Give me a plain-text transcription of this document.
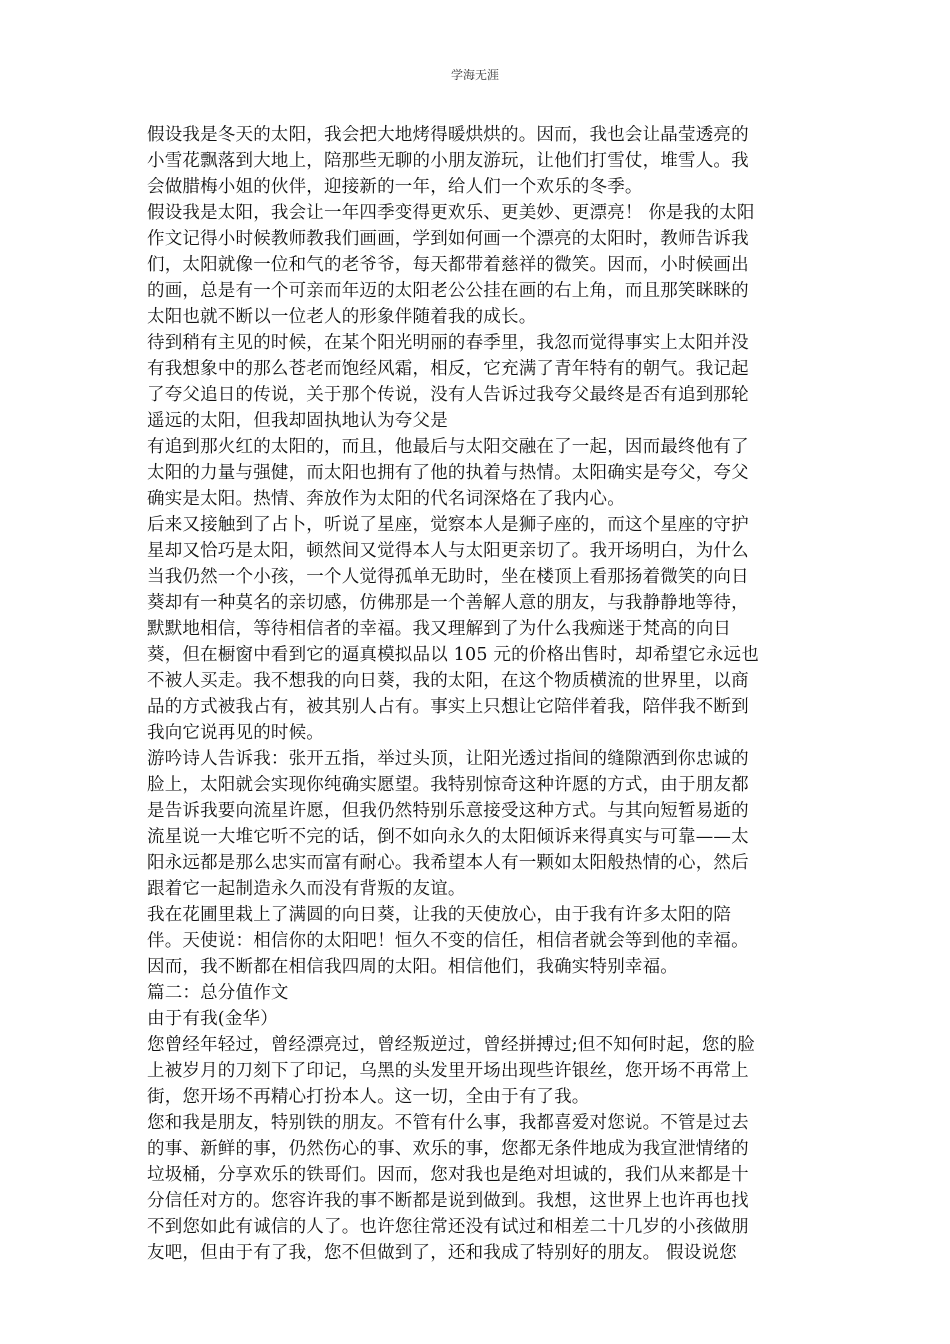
学海无涯
假设我是冬天的太阳，我会把大地烤得暖烘烘的。因而，我也会让晶莹透亮的
小雪花飘落到大地上，陪那些无聊的小朋友游玩，让他们打雪仗，堆雪人。我
会做腊梅小姐的伙伴，迎接新的一年，给人们一个欢乐的冬季。
假设我是太阳，我会让一年四季变得更欢乐、更美妙、更漂亮！ 你是我的太阳
作文记得小时候教师教我们画画，学到如何画一个漂亮的太阳时，教师告诉我
们，太阳就像一位和气的老爷爷，每天都带着慈祥的微笑。因而，小时候画出
的画，总是有一个可亲而年迈的太阳老公公挂在画的右上角，而且那笑眯眯的
太阳也就不断以一位老人的形象伴随着我的成长。
待到稍有主见的时候，在某个阳光明丽的春季里，我忽而觉得事实上太阳并没
有我想象中的那么苍老而饱经风霜，相反，它充满了青年特有的朝气。我记起
了夸父追日的传说，关于那个传说，没有人告诉过我夸父最终是否有追到那轮
遥远的太阳，但我却固执地认为夸父是
有追到那火红的太阳的，而且，他最后与太阳交融在了一起，因而最终他有了
太阳的力量与强健，而太阳也拥有了他的执着与热情。太阳确实是夸父，夸父
确实是太阳。热情、奔放作为太阳的代名词深烙在了我内心。
后来又接触到了占卜，听说了星座，觉察本人是狮子座的，而这个星座的守护
星却又恰巧是太阳，顿然间又觉得本人与太阳更亲切了。我开场明白，为什么
当我仍然一个小孩，一个人觉得孤单无助时，坐在楼顶上看那扬着微笑的向日
葵却有一种莫名的亲切感，仿佛那是一个善解人意的朋友，与我静静地等待，
默默地相信，等待相信者的幸福。我又理解到了为什么我痴迷于梵高的向日
葵，但在橱窗中看到它的逼真模拟品以 105 元的价格出售时，却希望它永远也
不被人买走。我不想我的向日葵，我的太阳，在这个物质横流的世界里，以商
品的方式被我占有，被其别人占有。事实上只想让它陪伴着我，陪伴我不断到
我向它说再见的时候。
游吟诗人告诉我：张开五指，举过头顶，让阳光透过指间的缝隙洒到你忠诚的
脸上，太阳就会实现你纯确实愿望。我特别惊奇这种许愿的方式，由于朋友都
是告诉我要向流星许愿，但我仍然特别乐意接受这种方式。与其向短暂易逝的
流星说一大堆它听不完的话，倒不如向永久的太阳倾诉来得真实与可靠——太
阳永远都是那么忠实而富有耐心。我希望本人有一颗如太阳般热情的心，然后
跟着它一起制造永久而没有背叛的友谊。
我在花圃里栽上了满圆的向日葵，让我的天使放心，由于我有许多太阳的陪
伴。天使说：相信你的太阳吧！恒久不变的信任，相信者就会等到他的幸福。
因而，我不断都在相信我四周的太阳。相信他们，我确实特别幸福。
篇二：总分值作文
由于有我(金华）
您曾经年轻过，曾经漂亮过，曾经叛逆过，曾经拼搏过;但不知何时起，您的脸
上被岁月的刀刻下了印记，乌黑的头发里开场出现些许银丝，您开场不再常上
街，您开场不再精心打扮本人。这一切，全由于有了我。
您和我是朋友，特别铁的朋友。不管有什么事，我都喜爱对您说。不管是过去
的事、新鲜的事，仍然伤心的事、欢乐的事，您都无条件地成为我宣泄情绪的
垃圾桶，分享欢乐的铁哥们。因而，您对我也是绝对坦诚的，我们从来都是十
分信任对方的。您容许我的事不断都是说到做到。我想，这世界上也许再也找
不到您如此有诚信的人了。也许您往常还没有试过和相差二十几岁的小孩做朋
友吧，但由于有了我，您不但做到了，还和我成了特别好的朋友。 假设说您
